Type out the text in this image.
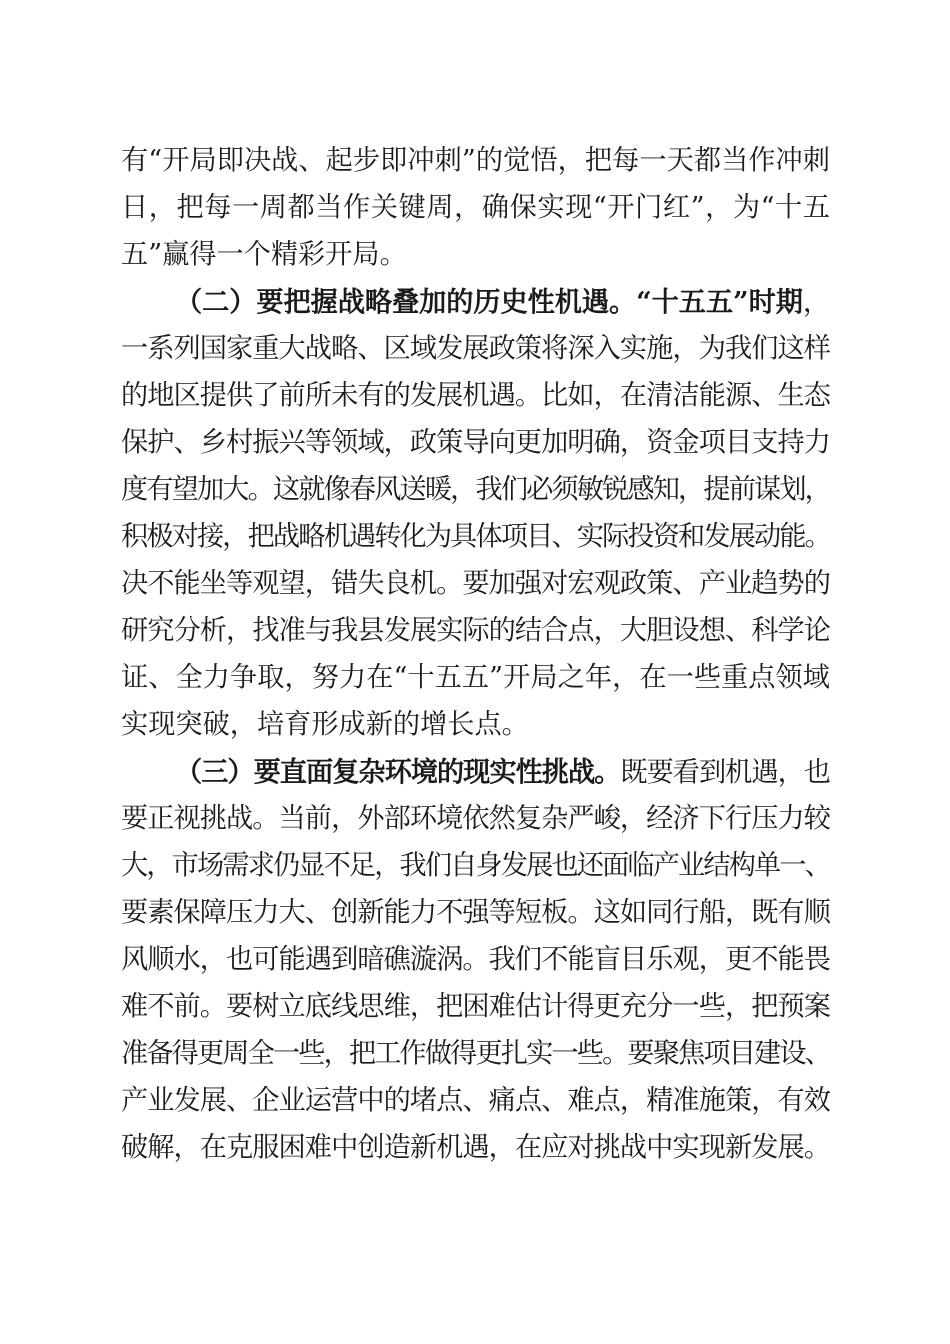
有“开局即决战、起步即冲刺”的觉悟，把每一天都当作冲刺
日，把每一周都当作关键周，确保实现“开门红”，为“十五
五”赢得一个精彩开局。
（二）要把握战略叠加的历史性机遇。“十五五”时期，
一系列国家重大战略、区域发展政策将深入实施，为我们这样
的地区提供了前所未有的发展机遇。比如，在清洁能源、生态
保护、乡村振兴等领域，政策导向更加明确，资金项目支持力
度有望加大。这就像春风送暖，我们必须敏锐感知，提前谋划，
积极对接，把战略机遇转化为具体项目、实际投资和发展动能。
决不能坐等观望，错失良机。要加强对宏观政策、产业趋势的
研究分析，找准与我县发展实际的结合点，大胆设想、科学论
证、全力争取，努力在“十五五”开局之年，在一些重点领域
实现突破，培育形成新的增长点。
（三）要直面复杂环境的现实性挑战。既要看到机遇，也
要正视挑战。当前，外部环境依然复杂严峻，经济下行压力较
大，市场需求仍显不足，我们自身发展也还面临产业结构单一、
要素保障压力大、创新能力不强等短板。这如同行船，既有顺
风顺水，也可能遇到暗礁漩涡。我们不能盲目乐观，更不能畏
难不前。要树立底线思维，把困难估计得更充分一些，把预案
准备得更周全一些，把工作做得更扎实一些。要聚焦项目建设、
产业发展、企业运营中的堵点、痛点、难点，精准施策，有效
破解，在克服困难中创造新机遇，在应对挑战中实现新发展。
